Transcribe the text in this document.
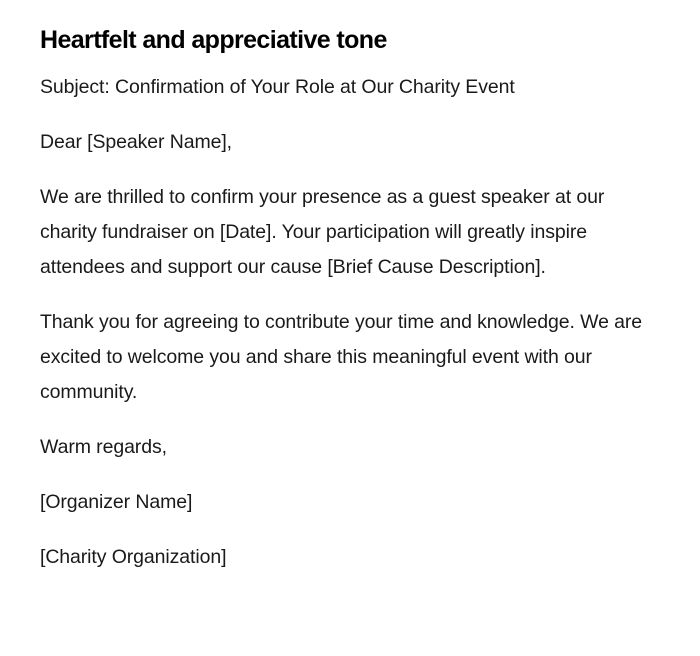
Heartfelt and appreciative tone

Subject: Confirmation of Your Role at Our Charity Event

Dear [Speaker Name],

We are thrilled to confirm your presence as a guest speaker at our charity fundraiser on [Date]. Your participation will greatly inspire attendees and support our cause [Brief Cause Description].

Thank you for agreeing to contribute your time and knowledge. We are excited to welcome you and share this meaningful event with our community.

Warm regards,

[Organizer Name]

[Charity Organization]
